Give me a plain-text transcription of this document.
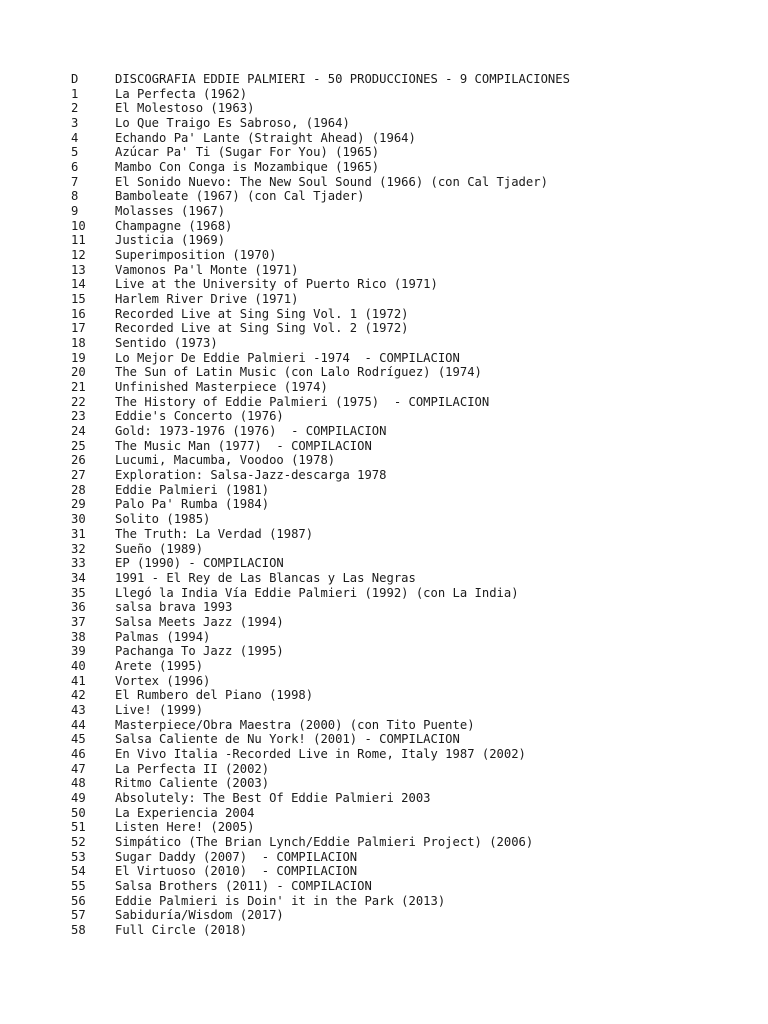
D	DISCOGRAFIA EDDIE PALMIERI - 50 PRODUCCIONES - 9 COMPILACIONES
1	La Perfecta (1962)
2	El Molestoso (1963)
3	Lo Que Traigo Es Sabroso, (1964)
4	Echando Pa' Lante (Straight Ahead) (1964)
5	Azúcar Pa' Ti (Sugar For You) (1965)
6	Mambo Con Conga is Mozambique (1965)
7	El Sonido Nuevo: The New Soul Sound (1966) (con Cal Tjader)
8	Bamboleate (1967) (con Cal Tjader)
9	Molasses (1967)
10	Champagne (1968)
11	Justicia (1969)
12	Superimposition (1970)
13	Vamonos Pa'l Monte (1971)
14	Live at the University of Puerto Rico (1971)
15	Harlem River Drive (1971)
16	Recorded Live at Sing Sing Vol. 1 (1972)
17	Recorded Live at Sing Sing Vol. 2 (1972)
18	Sentido (1973)
19	Lo Mejor De Eddie Palmieri -1974  - COMPILACION
20	The Sun of Latin Music (con Lalo Rodríguez) (1974)
21	Unfinished Masterpiece (1974)
22	The History of Eddie Palmieri (1975)  - COMPILACION
23	Eddie's Concerto (1976)
24	Gold: 1973-1976 (1976)  - COMPILACION
25	The Music Man (1977)  - COMPILACION
26	Lucumi, Macumba, Voodoo (1978)
27	Exploration: Salsa-Jazz-descarga 1978
28	Eddie Palmieri (1981)
29	Palo Pa' Rumba (1984)
30	Solito (1985)
31	The Truth: La Verdad (1987)
32	Sueño (1989)
33	EP (1990) - COMPILACION
34	1991 - El Rey de Las Blancas y Las Negras
35	Llegó la India Vía Eddie Palmieri (1992) (con La India)
36	salsa brava 1993
37	Salsa Meets Jazz (1994)
38	Palmas (1994)
39	Pachanga To Jazz (1995)
40	Arete (1995)
41	Vortex (1996)
42	El Rumbero del Piano (1998)
43	Live! (1999)
44	Masterpiece/Obra Maestra (2000) (con Tito Puente)
45	Salsa Caliente de Nu York! (2001) - COMPILACION
46	En Vivo Italia -Recorded Live in Rome, Italy 1987 (2002)
47	La Perfecta II (2002)
48	Ritmo Caliente (2003)
49	Absolutely: The Best Of Eddie Palmieri 2003
50	La Experiencia 2004
51	Listen Here! (2005)
52	Simpático (The Brian Lynch/Eddie Palmieri Project) (2006)
53	Sugar Daddy (2007)  - COMPILACION
54	El Virtuoso (2010)  - COMPILACION
55	Salsa Brothers (2011) - COMPILACION
56	Eddie Palmieri is Doin' it in the Park (2013)
57	Sabiduría/Wisdom (2017)
58	Full Circle (2018)
